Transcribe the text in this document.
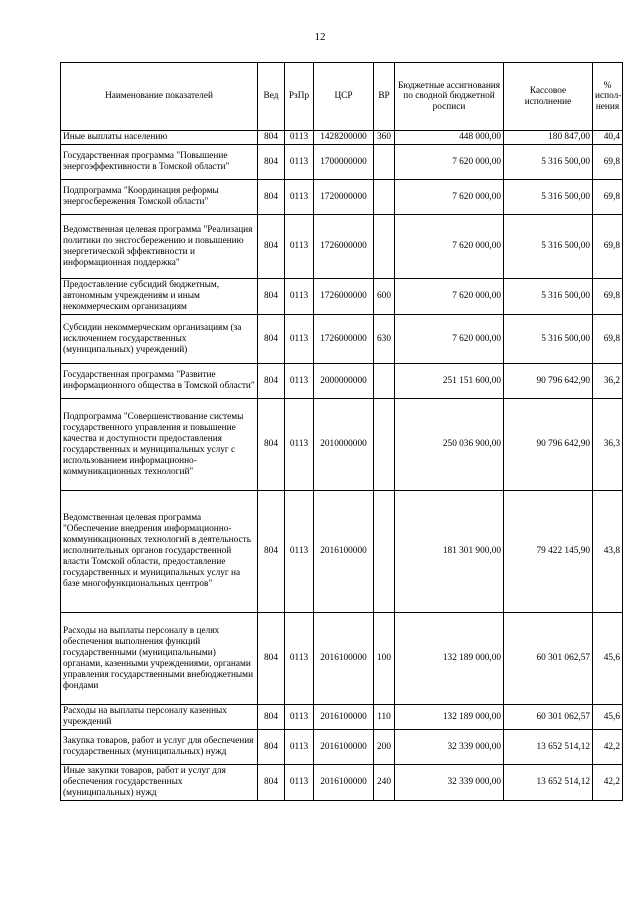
12
Наименование показателей	Вед	РзПр	ЦСР	ВР	Бюджетные ассигнования по сводной бюджетной росписи	Кассовое исполнение	% испол-нения
Иные выплаты населению	804	0113	1428200000	360	448 000,00	180 847,00	40,4
Государственная программа "Повышение энергоэффективности в Томской области"	804	0113	1700000000		7 620 000,00	5 316 500,00	69,8
Подпрограмма "Координация реформы энергосбережения Томской области"	804	0113	1720000000		7 620 000,00	5 316 500,00	69,8
Ведомственная целевая программа "Реализация политики по энсгосбережению и повышению энергетической эффективности и информационная поддержка"	804	0113	1726000000		7 620 000,00	5 316 500,00	69,8
Предоставление субсидий бюджетным, автономным учреждениям и иным некоммерческим организациям	804	0113	1726000000	600	7 620 000,00	5 316 500,00	69,8
Субсидии некоммерческим организациям (за исключением государственных (муниципальных) учреждений)	804	0113	1726000000	630	7 620 000,00	5 316 500,00	69,8
Государственная программа "Развитие информационного общества в Томской области"	804	0113	2000000000		251 151 600,00	90 796 642,90	36,2
Подпрограмма "Совершенствование системы государственного управления и повышение качества и доступности предоставления государственных и муниципальных услуг с использованием информационно-коммуникационных технологий"	804	0113	2010000000		250 036 900,00	90 796 642,90	36,3
Ведомственная целевая программа "Обеспечение внедрения информационно-коммуникационных технологий в деятельность исполнительных органов государственной власти Томской области, предоставление государственных и муниципальных услуг на базе многофункциональных центров"	804	0113	2016100000		181 301 900,00	79 422 145,90	43,8
Расходы на выплаты персоналу в целях обеспечения выполнения функций государственными (муниципальными) органами, казенными учреждениями, органами управления государственными внебюджетными фондами	804	0113	2016100000	100	132 189 000,00	60 301 062,57	45,6
Расходы на выплаты персоналу казенных учреждений	804	0113	2016100000	110	132 189 000,00	60 301 062,57	45,6
Закупка товаров, работ и услуг для обеспечения государственных (муниципальных) нужд	804	0113	2016100000	200	32 339 000,00	13 652 514,12	42,2
Иные закупки товаров, работ и услуг для обеспечения государственных (муниципальных) нужд	804	0113	2016100000	240	32 339 000,00	13 652 514,12	42,2
